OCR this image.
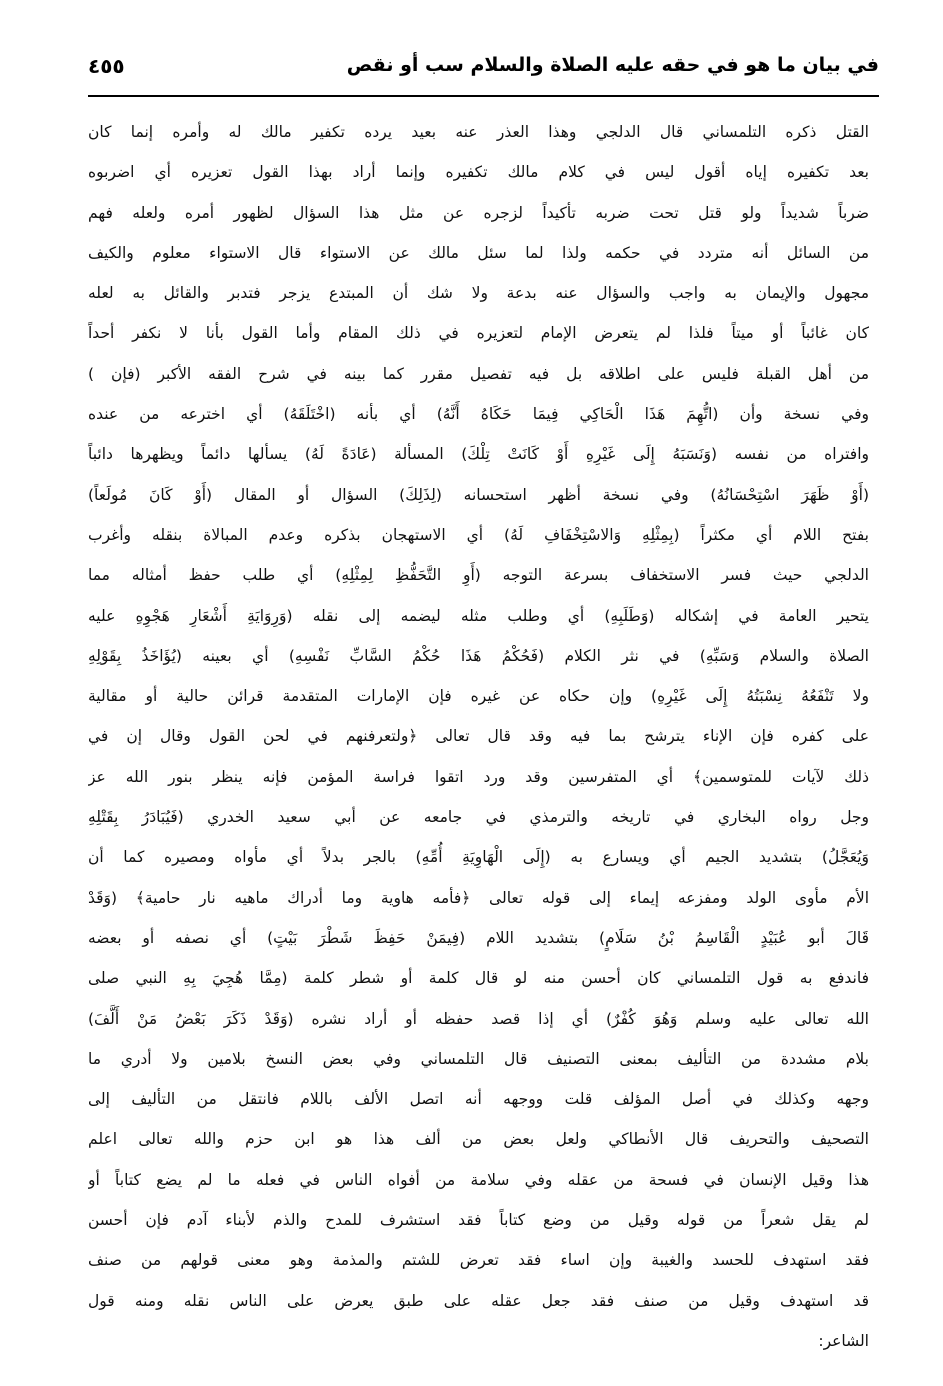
في بيان ما هو في حقه عليه الصلاة والسلام سب أو نقص
٤٥٥
القتل ذكره التلمساني قال الدلجي وهذا العذر عنه بعيد يرده تكفير مالك له وأمره إنما كان
بعد تكفيره إياه أقول ليس في كلام مالك تكفيره وإنما أراد بهذا القول تعزيره أي اضربوه
ضرباً شديداً ولو قتل تحت ضربه تأكيداً لزجره عن مثل هذا السؤال لظهور أمره ولعله فهم
من السائل أنه متردد في حكمه ولذا لما سئل مالك عن الاستواء قال الاستواء معلوم والكيف
مجهول والإيمان به واجب والسؤال عنه بدعة ولا شك أن المبتدع يزجر فتدبر والقائل به لعله
كان غائباً أو ميتاً فلذا لم يتعرض الإمام لتعزيره في ذلك المقام وأما القول بأنا لا نكفر أحداً
من أهل القبلة فليس على اطلاقه بل فيه تفصيل مقرر كما بينه في شرح الفقه الأكبر (فإن )
وفي نسخة وأن (اتُّهِمَ هَذَا الْحَاكِي فِيمَا حَكَاهُ أَنَّهُ) أي بأنه (اخْتَلَقَهُ) أي اخترعه من عنده
وافتراه من نفسه (وَنَسَبَهُ إِلَى غَيْرِهِ أَوْ كَانَتْ تِلْكَ) المسألة (عَادَةً لَهُ) يسألها دائماً ويظهرها دائباً
(أَوْ ظَهَرَ اسْتِحْسَانُهُ) وفي نسخة أظهر استحسانه (لِذَلِكَ) السؤال أو المقال (أَوْ كَانَ مُولَعاً)
بفتح اللام أي مكثراً (بِمِثْلِهِ وَالاسْتِخْفَافِ لَهُ) أي الاستهجان بذكره وعدم المبالاة بنقله وأغرب
الدلجي حيث فسر الاستخفاف بسرعة التوجه (أَوِ التَّحَفُّظِ لِمِثْلِهِ) أي طلب حفظ أمثاله مما
يتحير العامة في إشكاله (وَطَلَبِهِ) أي وطلب مثله ليضمه إلى نقله (وَرِوَايَةِ أَشْعَارِ هَجْوِهِ عليه
الصلاة والسلام وَسَبِّهِ) في نثر الكلام (فَحُكْمُ هَذَا حُكْمُ السَّابِّ نَفْسِهِ) أي بعينه (يُؤَاخَذُ بِقَوْلِهِ
ولا تَنْفَعُهُ نِسْبَتُهُ إِلَى غَيْرِهِ) وإن حكاه عن غيره فإن الإمارات المتقدمة قرائن حالية أو مقالية
على كفره فإن الإناء يترشح بما فيه وقد قال تعالى ﴿ولتعرفنهم في لحن القول وقال إن في
ذلك لآيات للمتوسمين﴾ أي المتفرسين وقد ورد اتقوا فراسة المؤمن فإنه ينظر بنور الله عز
وجل رواه البخاري في تاريخه والترمذي في جامعه عن أبي سعيد الخدري (فَيُبَادَرُ بِقَتْلِهِ
وَيُعَجَّلُ) بتشديد الجيم أي ويسارع به (إِلَى الْهَاوِيَةِ أُمِّهِ) بالجر بدلاً أي مأواه ومصيره كما أن
الأم مأوى الولد ومفزعه إيماء إلى قوله تعالى ﴿فأمه هاوية وما أدراك ماهيه نار حامية﴾ (وَقَدْ
قَالَ أبو عُبَيْدٍ الْقَاسِمُ بْنُ سَلَامٍ) بتشديد اللام (فِيمَنْ حَفِظَ شَطْرَ بَيْتٍ) أي نصفه أو بعضه
فاندفع به قول التلمساني كان أحسن منه لو قال كلمة أو شطر كلمة (مِمَّا هُجِيَ بِهِ النبي صلى
الله تعالى عليه وسلم وَهُوَ كُفْرٌ) أي إذا قصد حفظه أو أراد نشره (وَقَدْ ذَكَرَ بَعْضُ مَنْ أَلَّفَ)
بلام مشددة من التأليف بمعنى التصنيف قال التلمساني وفي بعض النسخ بلامين ولا أدري ما
وجهه وكذلك في أصل المؤلف قلت ووجهه أنه اتصل الألف باللام فانتقل من التأليف إلى
التصحيف والتحريف قال الأنطاكي ولعل بعض من ألف هذا هو ابن حزم والله تعالى اعلم
هذا وقيل الإنسان في فسحة من عقله وفي سلامة من أفواه الناس في فعله ما لم يضع كتاباً أو
لم يقل شعراً من قوله وقيل من وضع كتاباً فقد استشرف للمدح والذم لأبناء آدم فإن أحسن
فقد استهدف للحسد والغيبة وإن اساء فقد تعرض للشتم والمذمة وهو معنى قولهم من صنف
قد استهدف وقيل من صنف فقد جعل عقله على طبق يعرض على الناس نقله ومنه قول
الشاعر:
